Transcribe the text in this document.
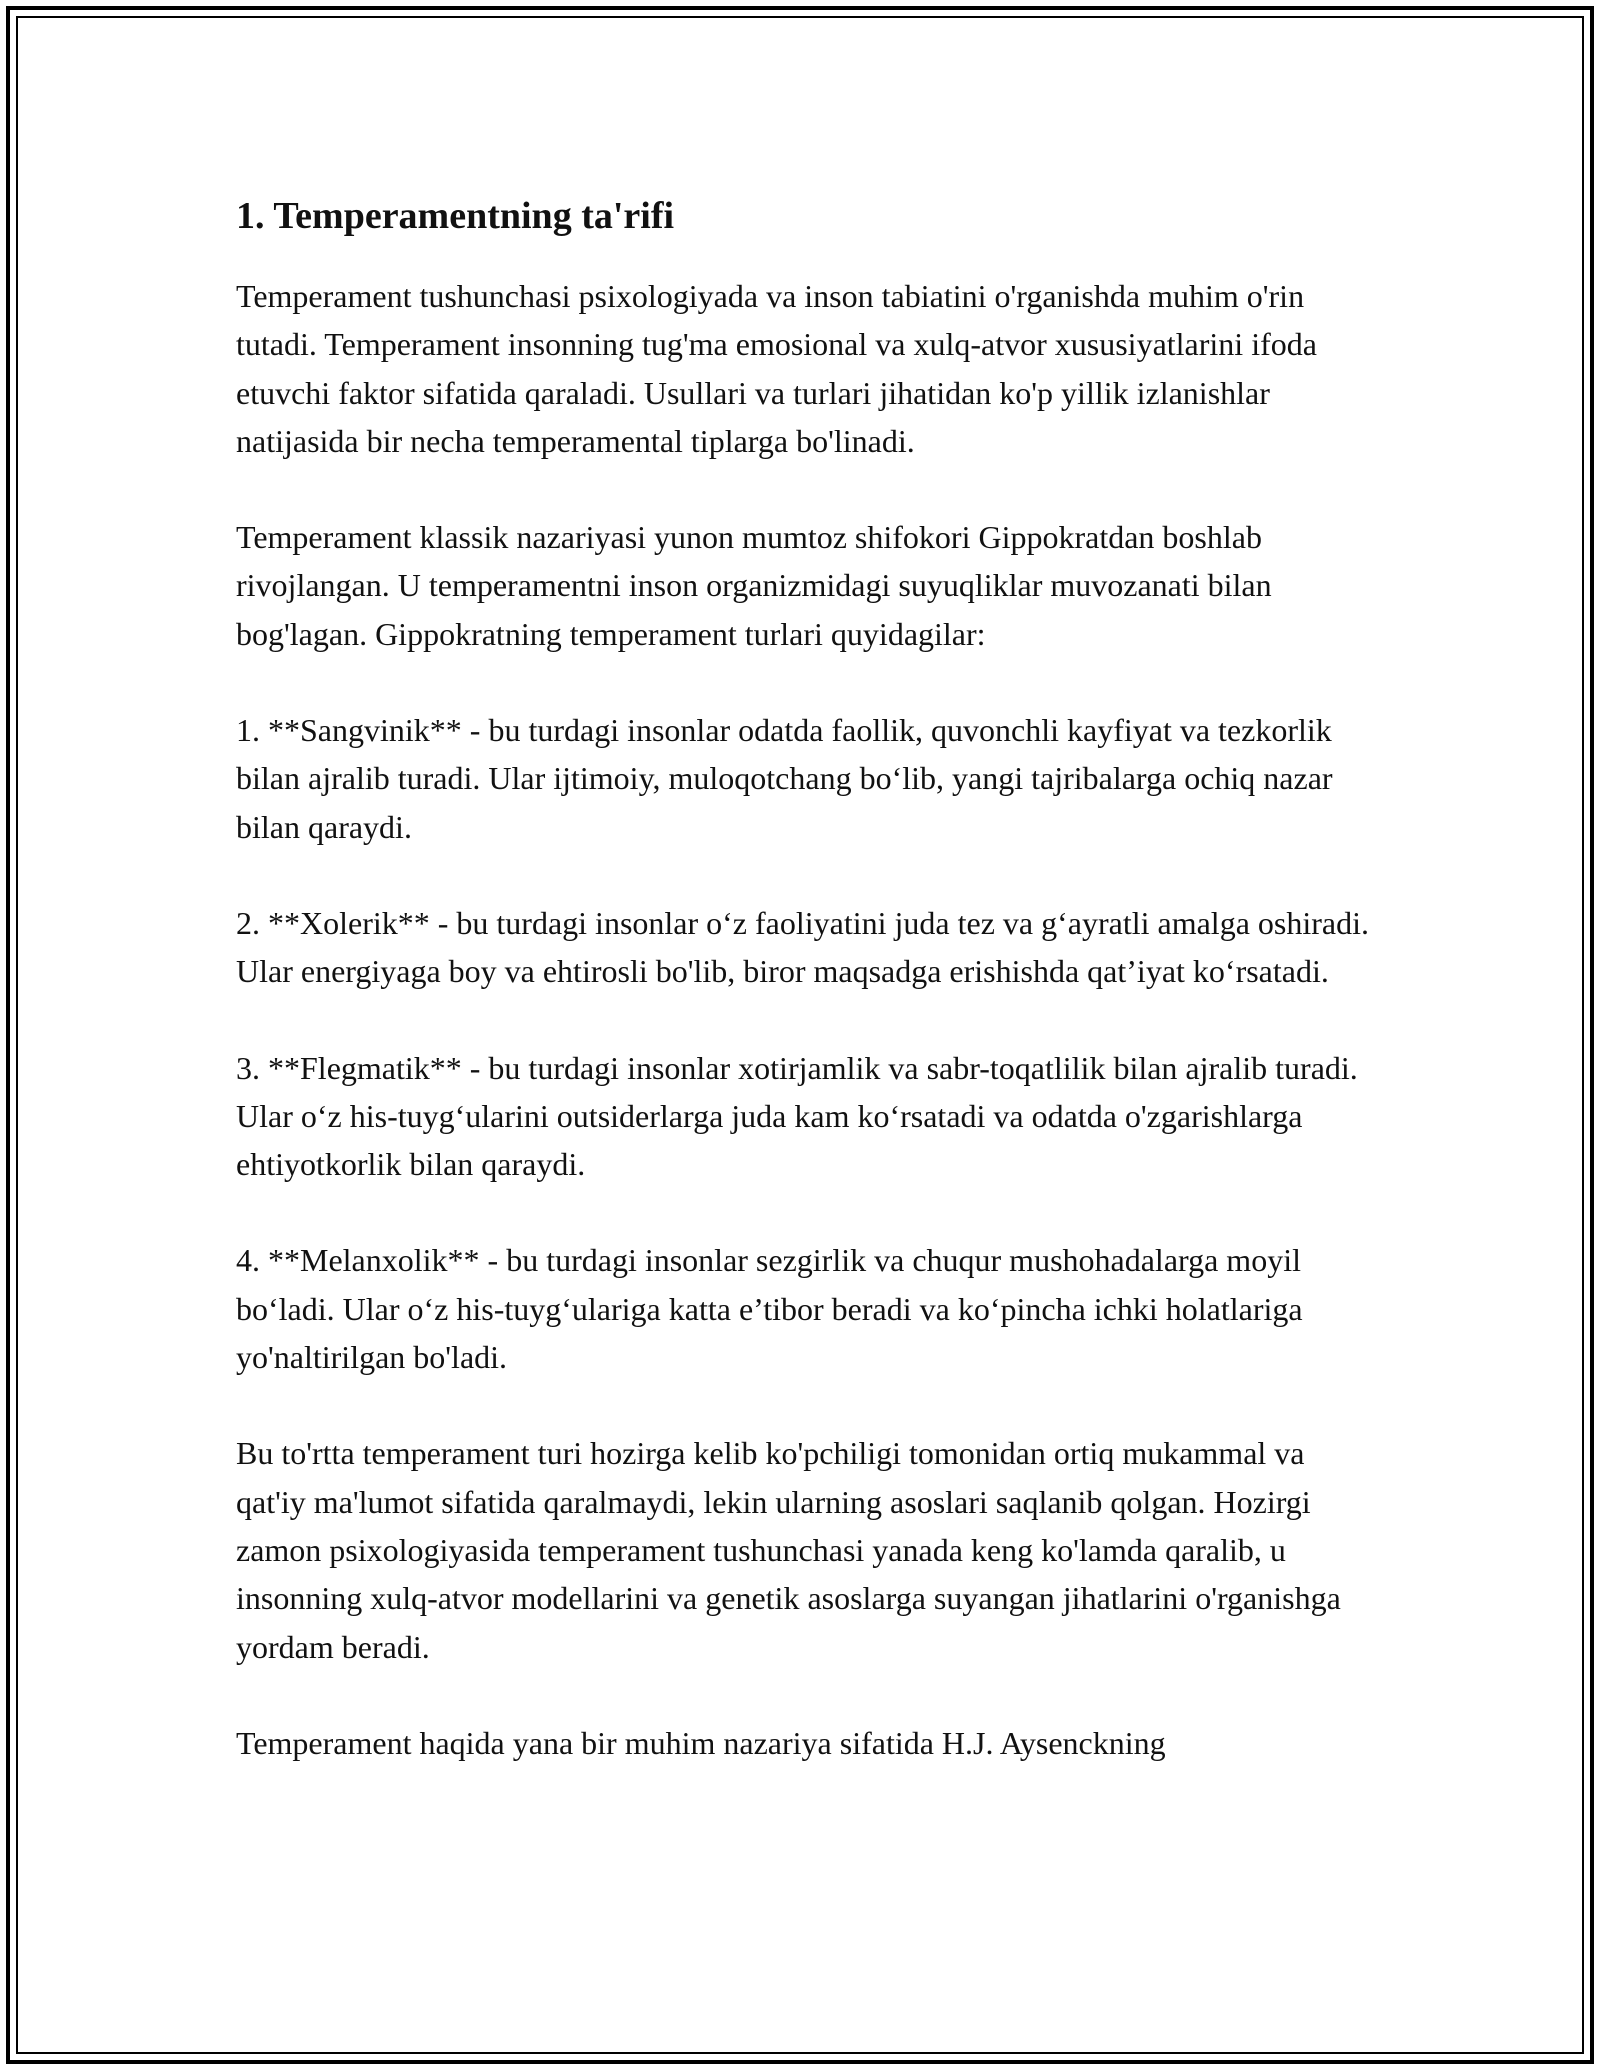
1. Temperamentning ta'rifi

Temperament tushunchasi psixologiyada va inson tabiatini o'rganishda muhim o'rin tutadi. Temperament insonning tug'ma emosional va xulq-atvor xususiyatlarini ifoda etuvchi faktor sifatida qaraladi. Usullari va turlari jihatidan ko'p yillik izlanishlar natijasida bir necha temperamental tiplarga bo'linadi.

Temperament klassik nazariyasi yunon mumtoz shifokori Gippokratdan boshlab rivojlangan. U temperamentni inson organizmidagi suyuqliklar muvozanati bilan bog'lagan. Gippokratning temperament turlari quyidagilar:

1. **Sangvinik** - bu turdagi insonlar odatda faollik, quvonchli kayfiyat va tezkorlik bilan ajralib turadi. Ular ijtimoiy, muloqotchang bo‘lib, yangi tajribalarga ochiq nazar bilan qaraydi.

2. **Xolerik** - bu turdagi insonlar o‘z faoliyatini juda tez va g‘ayratli amalga oshiradi. Ular energiyaga boy va ehtirosli bo'lib, biror maqsadga erishishda qat’iyat ko‘rsatadi.

3. **Flegmatik** - bu turdagi insonlar xotirjamlik va sabr-toqatlilik bilan ajralib turadi. Ular o‘z his-tuyg‘ularini outsiderlarga juda kam ko‘rsatadi va odatda o'zgarishlarga ehtiyotkorlik bilan qaraydi.

4. **Melanxolik** - bu turdagi insonlar sezgirlik va chuqur mushohadalarga moyil bo‘ladi. Ular o‘z his-tuyg‘ulariga katta e’tibor beradi va ko‘pincha ichki holatlariga yo'naltirilgan bo'ladi.

Bu to'rtta temperament turi hozirga kelib ko'pchiligi tomonidan ortiq mukammal va qat'iy ma'lumot sifatida qaralmaydi, lekin ularning asoslari saqlanib qolgan. Hozirgi zamon psixologiyasida temperament tushunchasi yanada keng ko'lamda qaralib, u insonning xulq-atvor modellarini va genetik asoslarga suyangan jihatlarini o'rganishga yordam beradi.

Temperament haqida yana bir muhim nazariya sifatida H.J. Aysenckning
